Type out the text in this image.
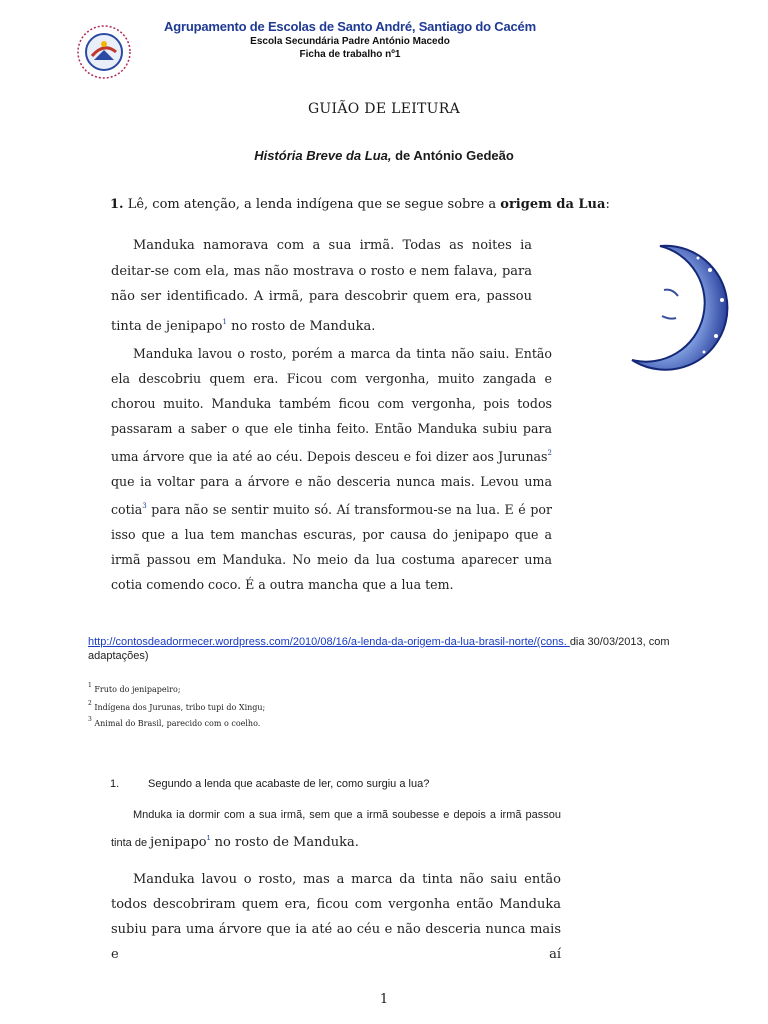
Agrupamento de Escolas de Santo André, Santiago do Cacém
Escola Secundária Padre António Macedo
Ficha de trabalho nº1
GUIÃO DE LEITURA
História Breve da Lua, de António Gedeão
1. Lê, com atenção, a lenda indígena que se segue sobre a origem da Lua:
Manduka namorava com a sua irmã. Todas as noites ia deitar-se com ela, mas não mostrava o rosto e nem falava, para não ser identificado. A irmã, para descobrir quem era, passou tinta de jenipapo$^1$ no rosto de Manduka.
Manduka lavou o rosto, porém a marca da tinta não saiu. Então ela descobriu quem era. Ficou com vergonha, muito zangada e chorou muito. Manduka também ficou com vergonha, pois todos passaram a saber o que ele tinha feito. Então Manduka subiu para uma árvore que ia até ao céu. Depois desceu e foi dizer aos Jurunas$^2$ que ia voltar para a árvore e não desceria nunca mais. Levou uma cotia$^3$ para não se sentir muito só. Aí transformou-se na lua. E é por isso que a lua tem manchas escuras, por causa do jenipapo que a irmã passou em Manduka. No meio da lua costuma aparecer uma cotia comendo coco. É a outra mancha que a lua tem.
http://contosdeadormecer.wordpress.com/2010/08/16/a-lenda-da-origem-da-lua-brasil-norte/(cons. dia 30/03/2013, com adaptações)
$^1$ Fruto do jenipapeiro;
$^2$ Indígena dos Jurunas, tribo tupi do Xingu;
$^3$ Animal do Brasil, parecido com o coelho.
1.	Segundo a lenda que acabaste de ler, como surgiu a lua?
Mnduka ia dormir com a sua irmã, sem que a irmã soubesse e depois a irmã passou tinta de jenipapo$^1$ no rosto de Manduka.
Manduka lavou o rosto, mas a marca da tinta não saiu então todos descobriram quem era, ficou com vergonha então Manduka subiu para uma árvore que ia até ao céu e não desceria nunca mais e aí
1
